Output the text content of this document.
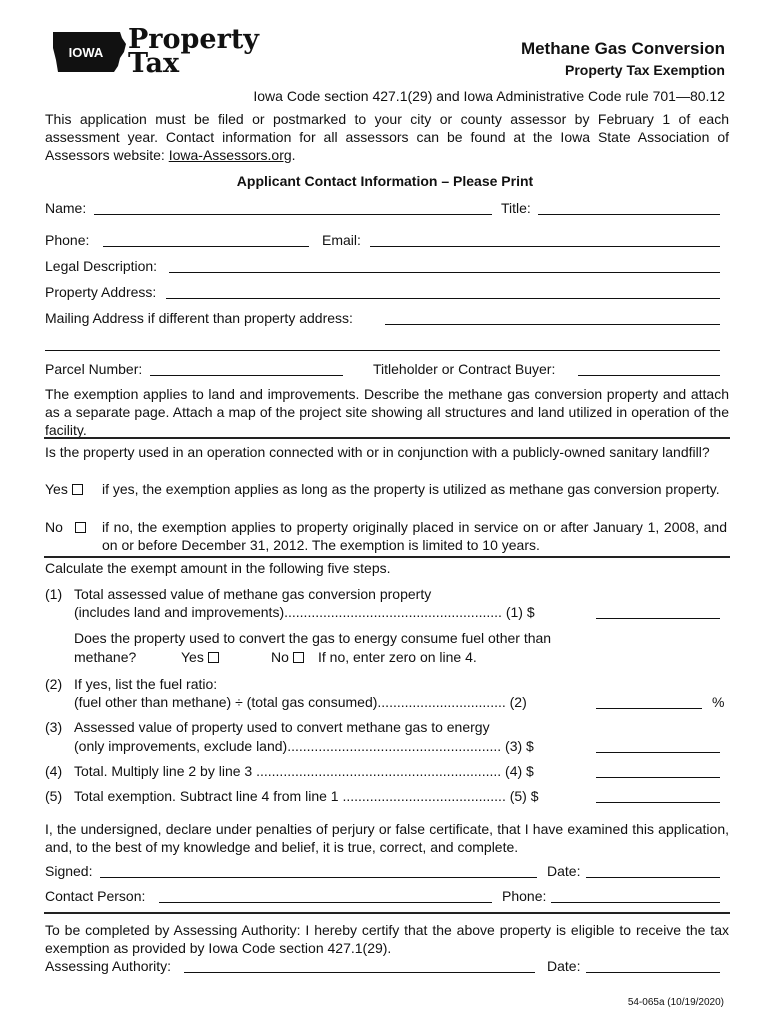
IOWA Property
Tax	Methane Gas Conversion
Property Tax Exemption
Iowa Code section 427.1(29) and Iowa Administrative Code rule 701—80.12
This application must be filed or postmarked to your city or county assessor by February 1 of each assessment year. Contact information for all assessors can be found at the Iowa State Association of Assessors website: Iowa-Assessors.org.
Applicant Contact Information – Please Print
Name:	Title:
Phone:	Email:
Legal Description:
Property Address:
Mailing Address if different than property address:
Parcel Number:	Titleholder or Contract Buyer:
The exemption applies to land and improvements. Describe the methane gas conversion property and attach as a separate page. Attach a map of the project site showing all structures and land utilized in operation of the facility.
Is the property used in an operation connected with or in conjunction with a publicly-owned sanitary landfill?
Yes	if yes, the exemption applies as long as the property is utilized as methane gas conversion property.
No	if no, the exemption applies to property originally placed in service on or after January 1, 2008, and on or before December 31, 2012. The exemption is limited to 10 years.
Calculate the exempt amount in the following five steps.
(1) Total assessed value of methane gas conversion property
(includes land and improvements)........................................................ (1) $
Does the property used to convert the gas to energy consume fuel other than
methane?	Yes	No	If no, enter zero on line 4.
(2) If yes, list the fuel ratio:
(fuel other than methane) ÷ (total gas consumed)................................. (2)	%
(3) Assessed value of property used to convert methane gas to energy
(only improvements, exclude land)....................................................... (3) $
(4) Total. Multiply line 2 by line 3 ............................................................... (4) $
(5) Total exemption. Subtract line 4 from line 1 .......................................... (5) $
I, the undersigned, declare under penalties of perjury or false certificate, that I have examined this application, and, to the best of my knowledge and belief, it is true, correct, and complete.
Signed:	Date:
Contact Person:	Phone:
To be completed by Assessing Authority: I hereby certify that the above property is eligible to receive the tax exemption as provided by Iowa Code section 427.1(29).
Assessing Authority:	Date:
54-065a (10/19/2020)
